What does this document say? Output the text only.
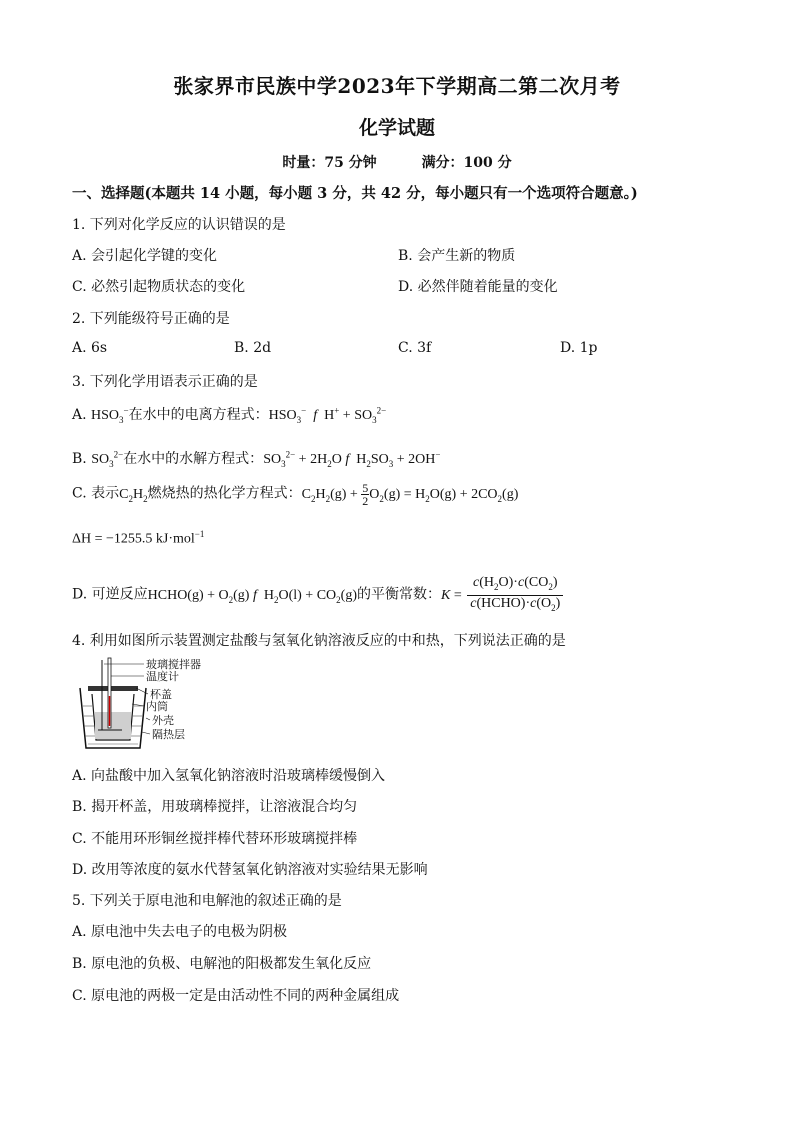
张家界市民族中学2023年下学期高二第二次月考
化学试题
时量：75 分钟	满分：100 分
一、选择题(本题共 14 小题，每小题 3 分，共 42 分，每小题只有一个选项符合题意。)
1. 下列对化学反应的认识错误的是
A. 会引起化学键的变化	B. 会产生新的物质
C. 必然引起物质状态的变化	D. 必然伴随着能量的变化
2. 下列能级符号正确的是
A. 6s	B. 2d	C. 3f	D. 1p
3. 下列化学用语表示正确的是
A. $HSO_3^-$在水中的电离方程式：$HSO_3^-$ f  $H^+ + SO_3^{2-}$
B. $SO_3^{2-}$在水中的水解方程式：$SO_3^{2-} + 2H_2O$ f  $H_2SO_3 + 2OH^-$
C. 表示$C_2H_2$燃烧热的热化学方程式：$C_2H_2(g) + \frac{5}{2} O_2(g) = H_2O(g) + 2CO_2(g)$
ΔH = −1255.5 kJ·mol$^{-1}$
D. 可逆反应HCHO(g) + $O_2(g)$ f  $H_2O(l) + CO_2(g)$的平衡常数：$K = \frac{c(H_2O)\cdot c(CO_2)}{c(HCHO)\cdot c(O_2)}$
4. 利用如图所示装置测定盐酸与氢氧化钠溶液反应的中和热，下列说法正确的是
玻璃搅拌器
温度计
杯盖
内筒
外壳
隔热层
A. 向盐酸中加入氢氧化钠溶液时沿玻璃棒缓慢倒入
B. 揭开杯盖，用玻璃棒搅拌，让溶液混合均匀
C. 不能用环形铜丝搅拌棒代替环形玻璃搅拌棒
D. 改用等浓度的氨水代替氢氧化钠溶液对实验结果无影响
5. 下列关于原电池和电解池的叙述正确的是
A. 原电池中失去电子的电极为阴极
B. 原电池的负极、电解池的阳极都发生氧化反应
C. 原电池的两极一定是由活动性不同的两种金属组成
